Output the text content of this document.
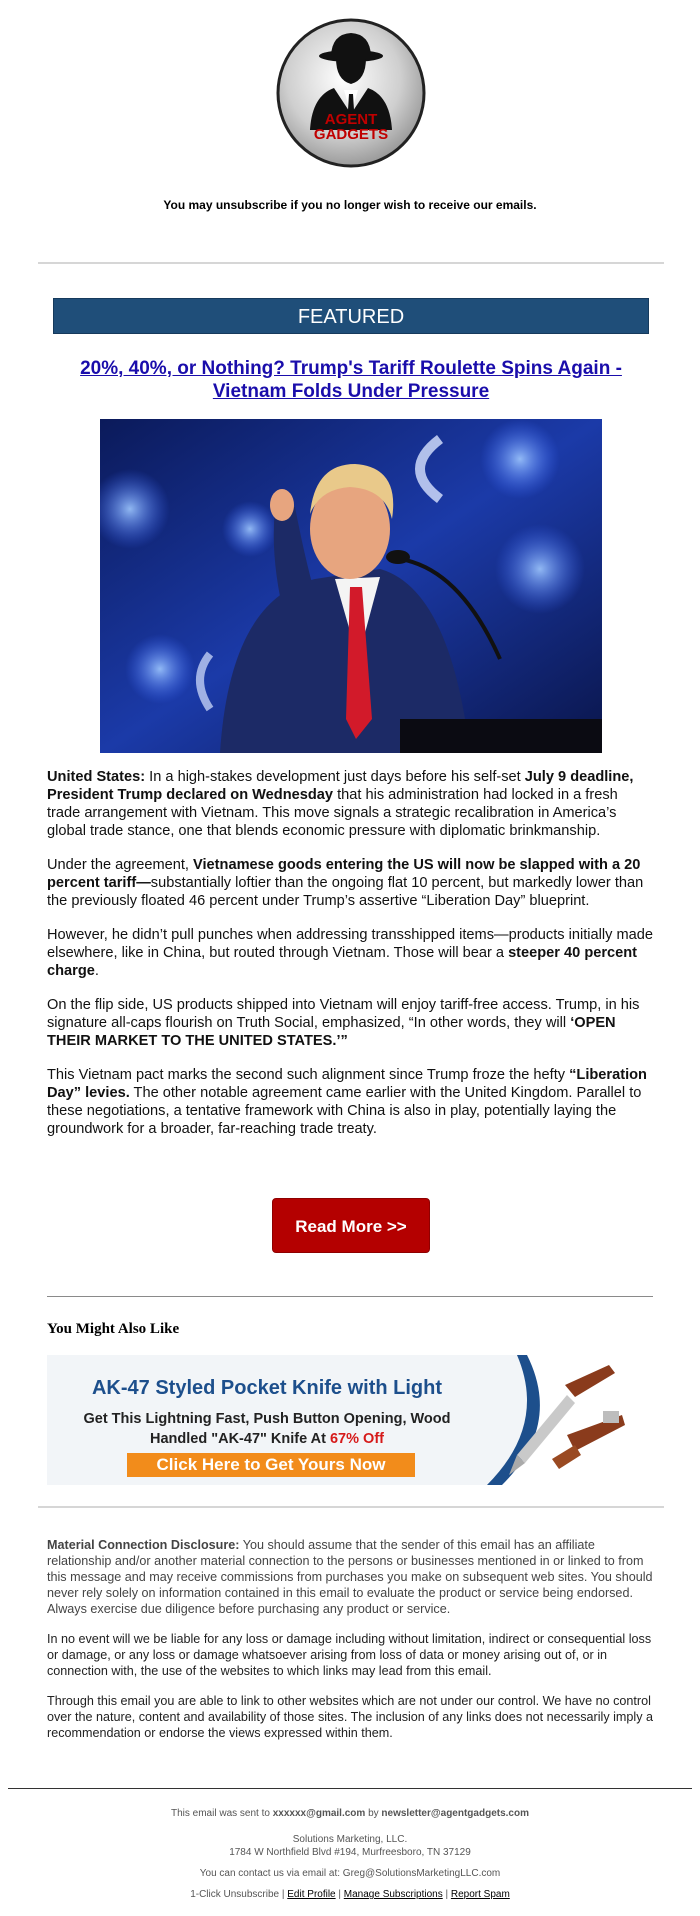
AGENT
GADGETS
You may unsubscribe if you no longer wish to receive our emails.
FEATURED
20%, 40%, or Nothing? Trump's Tariff Roulette Spins Again - Vietnam Folds Under Pressure

United States: In a high-stakes development just days before his self-set July 9 deadline, President Trump declared on Wednesday that his administration had locked in a fresh trade arrangement with Vietnam. This move signals a strategic recalibration in America’s global trade stance, one that blends economic pressure with diplomatic brinkmanship.

Under the agreement, Vietnamese goods entering the US will now be slapped with a 20 percent tariff—substantially loftier than the ongoing flat 10 percent, but markedly lower than the previously floated 46 percent under Trump’s assertive “Liberation Day” blueprint.

However, he didn’t pull punches when addressing transshipped items—products initially made elsewhere, like in China, but routed through Vietnam. Those will bear a steeper 40 percent charge.

On the flip side, US products shipped into Vietnam will enjoy tariff-free access. Trump, in his signature all-caps flourish on Truth Social, emphasized, “In other words, they will ‘OPEN THEIR MARKET TO THE UNITED STATES.’”

This Vietnam pact marks the second such alignment since Trump froze the hefty “Liberation Day” levies. The other notable agreement came earlier with the United Kingdom. Parallel to these negotiations, a tentative framework with China is also in play, potentially laying the groundwork for a broader, far-reaching trade treaty.

Read More >>
You Might Also Like
AK-47 Styled Pocket Knife with Light
Get This Lightning Fast, Push Button Opening, Wood
Handled "AK-47" Knife At 67% Off
Click Here to Get Yours Now

Material Connection Disclosure: You should assume that the sender of this email has an affiliate relationship and/or another material connection to the persons or businesses mentioned in or linked to from this message and may receive commissions from purchases you make on subsequent web sites. You should never rely solely on information contained in this email to evaluate the product or service being endorsed. Always exercise due diligence before purchasing any product or service.

In no event will we be liable for any loss or damage including without limitation, indirect or consequential loss or damage, or any loss or damage whatsoever arising from loss of data or money arising out of, or in connection with, the use of the websites to which links may lead from this email.

Through this email you are able to link to other websites which are not under our control. We have no control over the nature, content and availability of those sites. The inclusion of any links does not necessarily imply a recommendation or endorse the views expressed within them.

This email was sent to xxxxxx@gmail.com by newsletter@agentgadgets.com
Solutions Marketing, LLC.
1784 W Northfield Blvd #194, Murfreesboro, TN 37129
You can contact us via email at: Greg@SolutionsMarketingLLC.com
1-Click Unsubscribe | Edit Profile | Manage Subscriptions | Report Spam
